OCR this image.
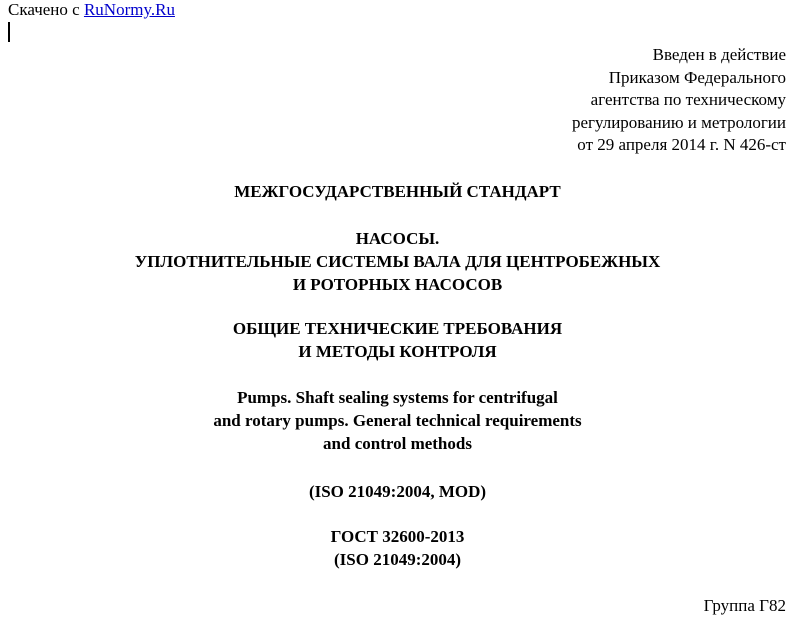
Скачено с RuNormy.Ru
Введен в действие
Приказом Федерального
агентства по техническому
регулированию и метрологии
от 29 апреля 2014 г. N 426-ст
МЕЖГОСУДАРСТВЕННЫЙ СТАНДАРТ
НАСОСЫ.
УПЛОТНИТЕЛЬНЫЕ СИСТЕМЫ ВАЛА ДЛЯ ЦЕНТРОБЕЖНЫХ
И РОТОРНЫХ НАСОСОВ
ОБЩИЕ ТЕХНИЧЕСКИЕ ТРЕБОВАНИЯ
И МЕТОДЫ КОНТРОЛЯ
Pumps. Shaft sealing systems for centrifugal
and rotary pumps. General technical requirements
and control methods
(ISO 21049:2004, MOD)
ГОСТ 32600-2013
(ISO 21049:2004)
Группа Г82
